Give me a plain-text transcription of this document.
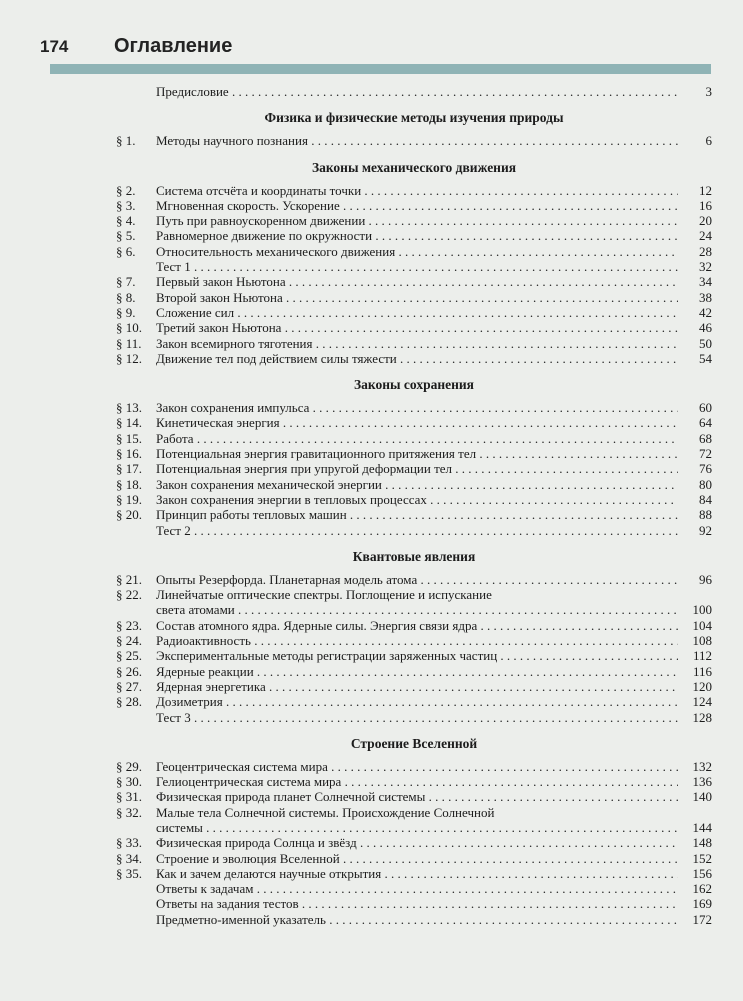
174 Оглавление
Предисловие . . .	3
Физика и физические методы изучения природы
§ 1.	Методы научного познания . . .	6
Законы механического движения
§ 2.	Система отсчёта и координаты точки . . .	12
§ 3.	Мгновенная скорость. Ускорение . . .	16
§ 4.	Путь при равноускоренном движении . . .	20
§ 5.	Равномерное движение по окружности . . .	24
§ 6.	Относительность механического движения . . .	28
Тест 1 . . .	32
§ 7.	Первый закон Ньютона . . .	34
§ 8.	Второй закон Ньютона . . .	38
§ 9.	Сложение сил . . .	42
§ 10.	Третий закон Ньютона . . .	46
§ 11.	Закон всемирного тяготения . . .	50
§ 12.	Движение тел под действием силы тяжести . . .	54
Законы сохранения
§ 13.	Закон сохранения импульса . . .	60
§ 14.	Кинетическая энергия . . .	64
§ 15.	Работа . . .	68
§ 16.	Потенциальная энергия гравитационного притяжения тел . . .	72
§ 17.	Потенциальная энергия при упругой деформации тел . . .	76
§ 18.	Закон сохранения механической энергии . . .	80
§ 19.	Закон сохранения энергии в тепловых процессах . . .	84
§ 20.	Принцип работы тепловых машин . . .	88
Тест 2 . . .	92
Квантовые явления
§ 21.	Опыты Резерфорда. Планетарная модель атома . . .	96
§ 22.	Линейчатые оптические спектры. Поглощение и испускание
света атомами . . .	100
§ 23.	Состав атомного ядра. Ядерные силы. Энергия связи ядра . . .	104
§ 24.	Радиоактивность . . .	108
§ 25.	Экспериментальные методы регистрации заряженных частиц . . .	112
§ 26.	Ядерные реакции . . .	116
§ 27.	Ядерная энергетика . . .	120
§ 28.	Дозиметрия . . .	124
Тест 3 . . .	128
Строение Вселенной
§ 29.	Геоцентрическая система мира . . .	132
§ 30.	Гелиоцентрическая система мира . . .	136
§ 31.	Физическая природа планет Солнечной системы . . .	140
§ 32.	Малые тела Солнечной системы. Происхождение Солнечной
системы . . .	144
§ 33.	Физическая природа Солнца и звёзд . . .	148
§ 34.	Строение и эволюция Вселенной . . .	152
§ 35.	Как и зачем делаются научные открытия . . .	156
Ответы к задачам . . .	162
Ответы на задания тестов . . .	169
Предметно-именной указатель . . .	172
